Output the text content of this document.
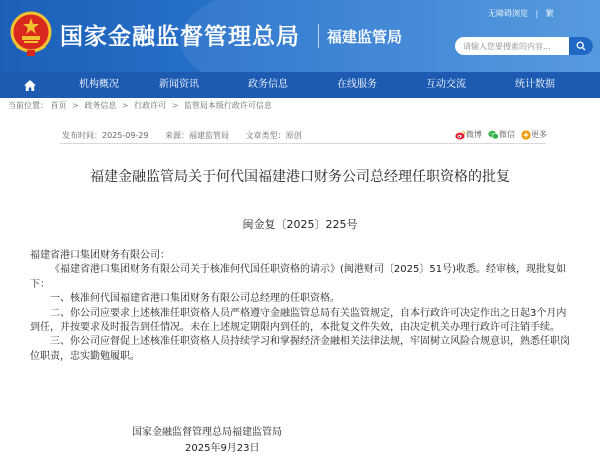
国家金融监督管理总局 福建监管局
无障碍浏览 | 繁
请输入您要搜索的内容...
机构概况	新闻资讯	政务信息	在线服务	互动交流	统计数据
当前位置： 首页 > 政务信息 > 行政许可 > 监管局本级行政许可信息
发布时间：2025-09-29 来源：福建监管局 文章类型：原创	微博 微信 更多
福建金融监管局关于何代国福建港口财务公司总经理任职资格的批复
闽金复〔2025〕225号

福建省港口集团财务有限公司：

《福建省港口集团财务有限公司关于核准何代国任职资格的请示》(闽港财司〔2025〕51号)收悉。经审核，现批复如下：

一、核准何代国福建省港口集团财务有限公司总经理的任职资格。

二、你公司应要求上述核准任职资格人员严格遵守金融监管总局有关监管规定，自本行政许可决定作出之日起3个月内到任，并按要求及时报告到任情况。未在上述规定期限内到任的，本批复文件失效，由决定机关办理行政许可注销手续。

三、你公司应督促上述核准任职资格人员持续学习和掌握经济金融相关法律法规，牢固树立风险合规意识，熟悉任职岗位职责，忠实勤勉履职。

国家金融监督管理总局福建监管局
2025年9月23日
